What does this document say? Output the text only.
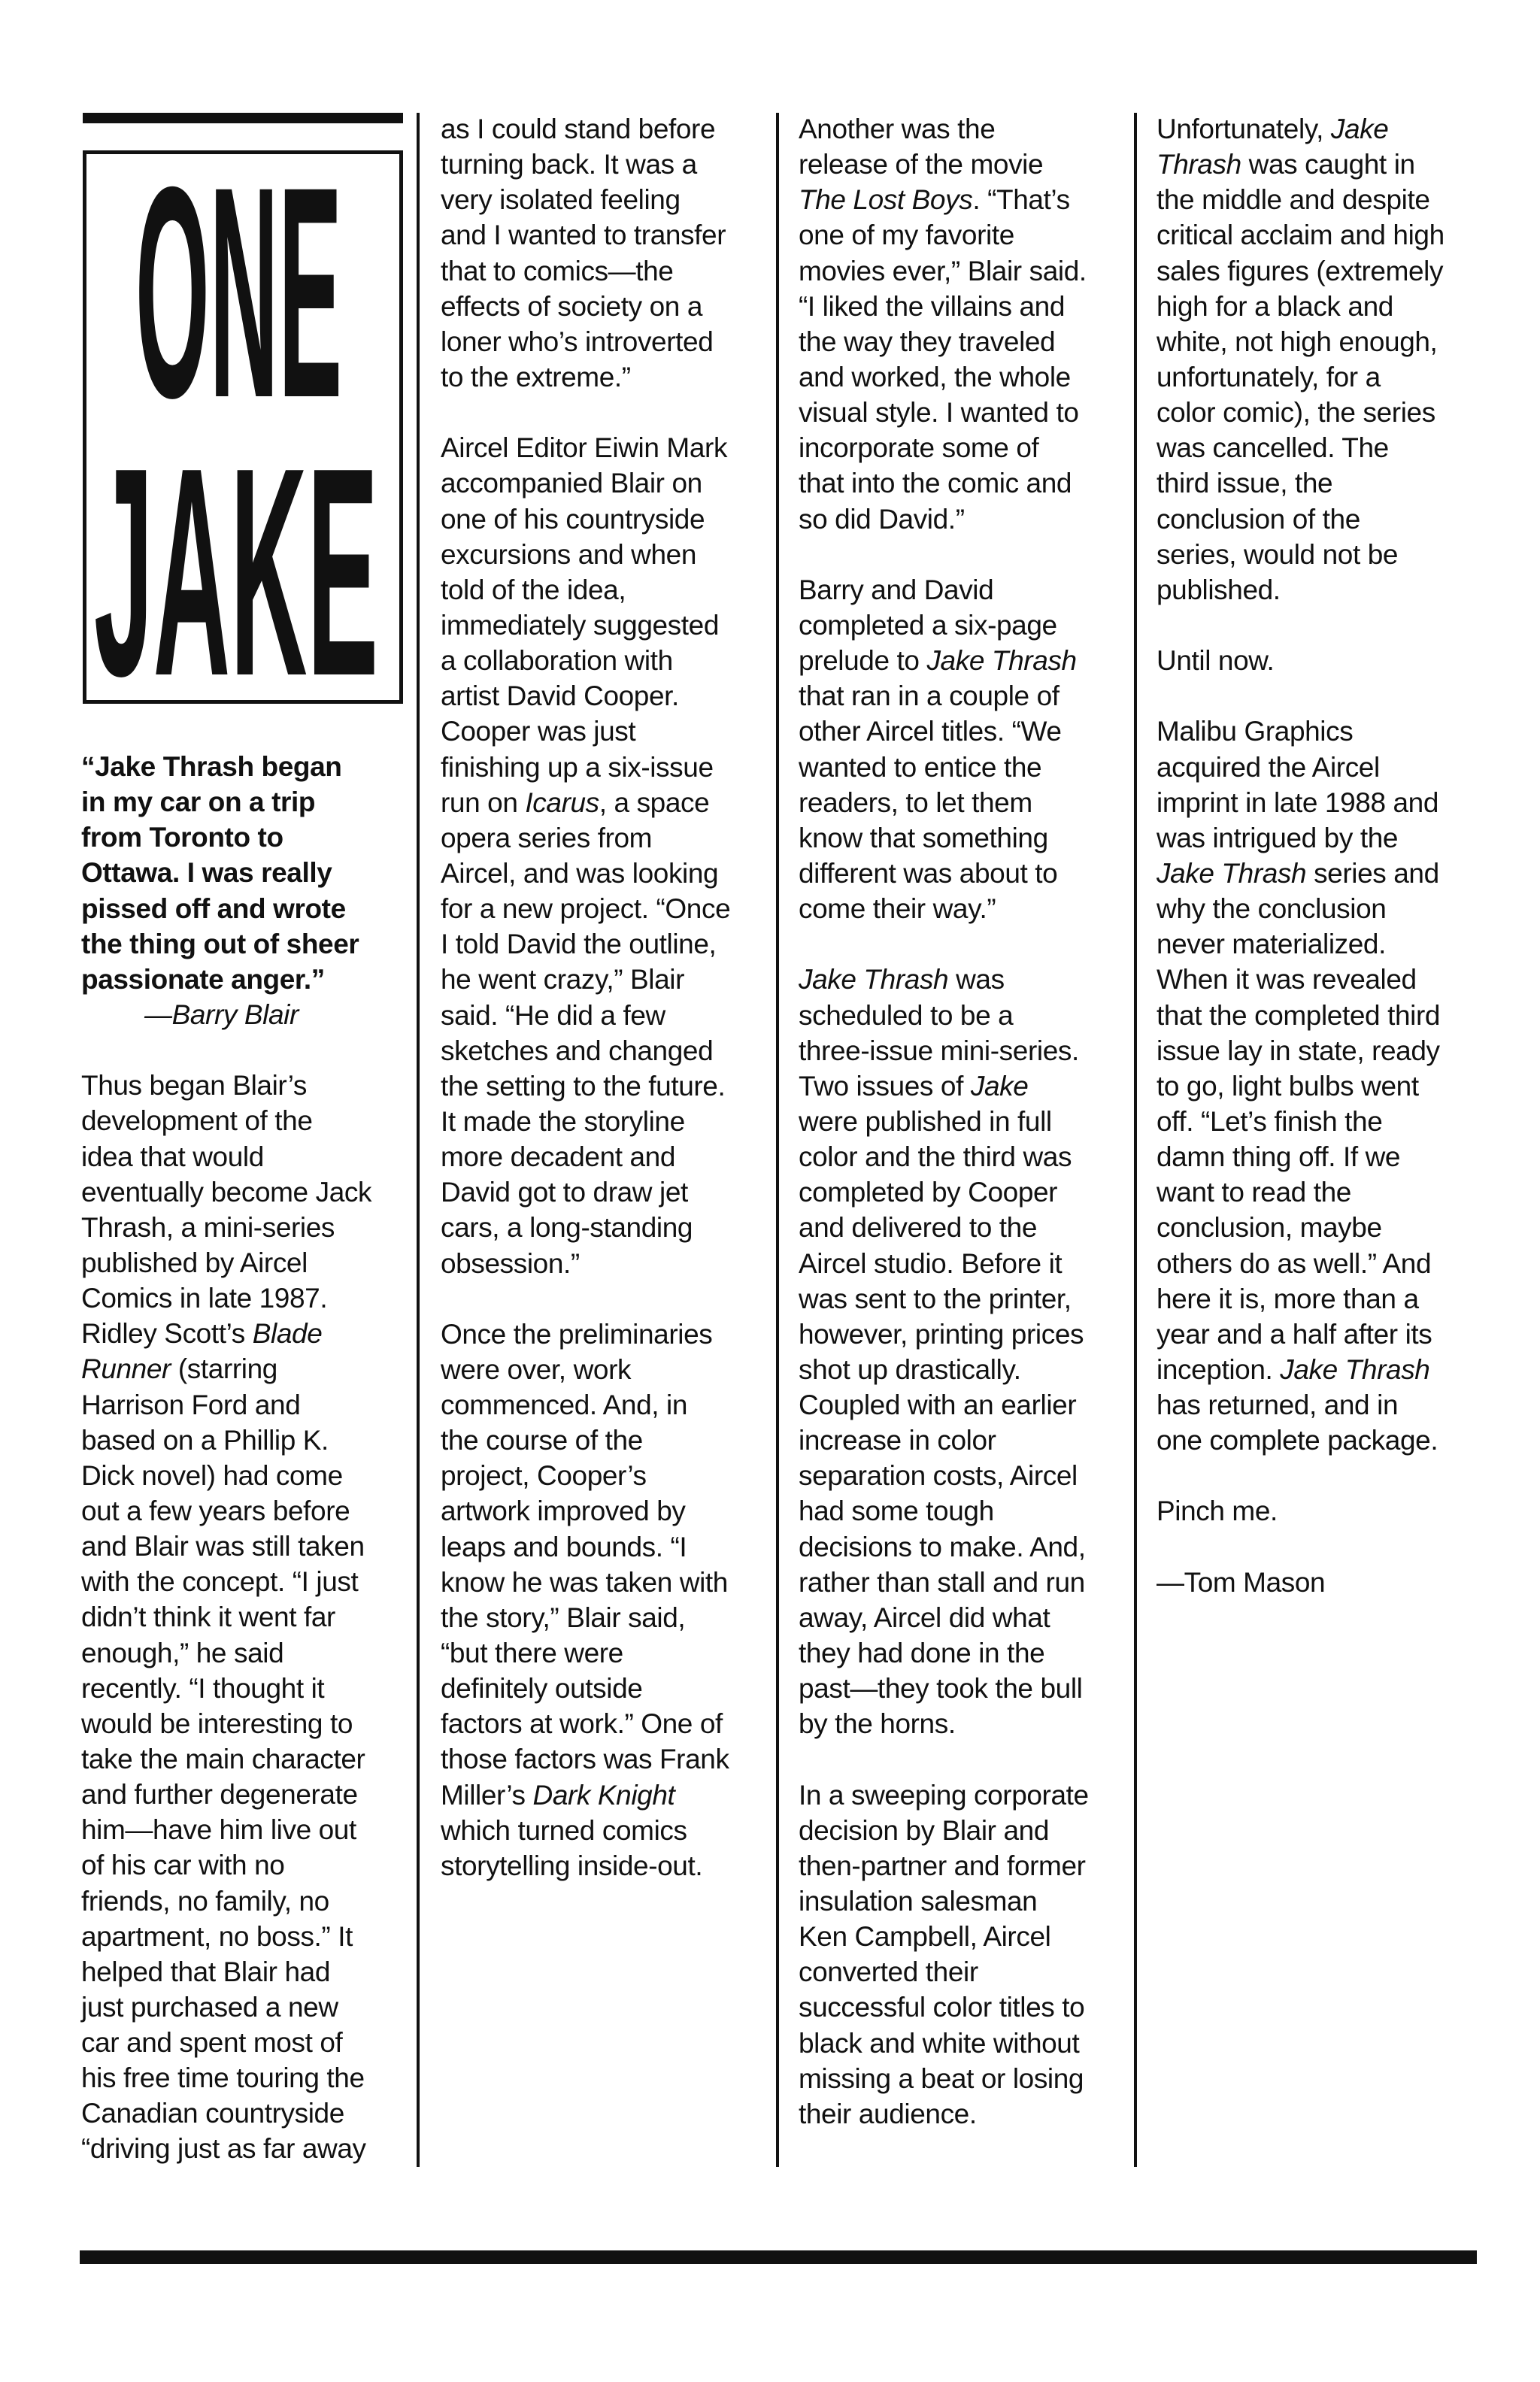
ONE
JAKE
“Jake Thrash began
in my car on a trip
from Toronto to
Ottawa. I was really
pissed off and wrote
the thing out of sheer
passionate anger.”
—Barry Blair
Thus began Blair’s
development of the
idea that would
eventually become Jack
Thrash, a mini-series
published by Aircel
Comics in late 1987.
Ridley Scott’s Blade
Runner (starring
Harrison Ford and
based on a Phillip K.
Dick novel) had come
out a few years before
and Blair was still taken
with the concept. “I just
didn’t think it went far
enough,” he said
recently. “I thought it
would be interesting to
take the main character
and further degenerate
him—have him live out
of his car with no
friends, no family, no
apartment, no boss.” It
helped that Blair had
just purchased a new
car and spent most of
his free time touring the
Canadian countryside
“driving just as far away
as I could stand before
turning back. It was a
very isolated feeling
and I wanted to transfer
that to comics—the
effects of society on a
loner who’s introverted
to the extreme.”
Aircel Editor Eiwin Mark
accompanied Blair on
one of his countryside
excursions and when
told of the idea,
immediately suggested
a collaboration with
artist David Cooper.
Cooper was just
finishing up a six-issue
run on Icarus, a space
opera series from
Aircel, and was looking
for a new project. “Once
I told David the outline,
he went crazy,” Blair
said. “He did a few
sketches and changed
the setting to the future.
It made the storyline
more decadent and
David got to draw jet
cars, a long-standing
obsession.”
Once the preliminaries
were over, work
commenced. And, in
the course of the
project, Cooper’s
artwork improved by
leaps and bounds. “I
know he was taken with
the story,” Blair said,
“but there were
definitely outside
factors at work.” One of
those factors was Frank
Miller’s Dark Knight
which turned comics
storytelling inside-out.
Another was the
release of the movie
The Lost Boys. “That’s
one of my favorite
movies ever,” Blair said.
“I liked the villains and
the way they traveled
and worked, the whole
visual style. I wanted to
incorporate some of
that into the comic and
so did David.”
Barry and David
completed a six-page
prelude to Jake Thrash
that ran in a couple of
other Aircel titles. “We
wanted to entice the
readers, to let them
know that something
different was about to
come their way.”
Jake Thrash was
scheduled to be a
three-issue mini-series.
Two issues of Jake
were published in full
color and the third was
completed by Cooper
and delivered to the
Aircel studio. Before it
was sent to the printer,
however, printing prices
shot up drastically.
Coupled with an earlier
increase in color
separation costs, Aircel
had some tough
decisions to make. And,
rather than stall and run
away, Aircel did what
they had done in the
past—they took the bull
by the horns.
In a sweeping corporate
decision by Blair and
then-partner and former
insulation salesman
Ken Campbell, Aircel
converted their
successful color titles to
black and white without
missing a beat or losing
their audience.
Unfortunately, Jake
Thrash was caught in
the middle and despite
critical acclaim and high
sales figures (extremely
high for a black and
white, not high enough,
unfortunately, for a
color comic), the series
was cancelled. The
third issue, the
conclusion of the
series, would not be
published.
Until now.
Malibu Graphics
acquired the Aircel
imprint in late 1988 and
was intrigued by the
Jake Thrash series and
why the conclusion
never materialized.
When it was revealed
that the completed third
issue lay in state, ready
to go, light bulbs went
off. “Let’s finish the
damn thing off. If we
want to read the
conclusion, maybe
others do as well.” And
here it is, more than a
year and a half after its
inception. Jake Thrash
has returned, and in
one complete package.
Pinch me.
—Tom Mason
